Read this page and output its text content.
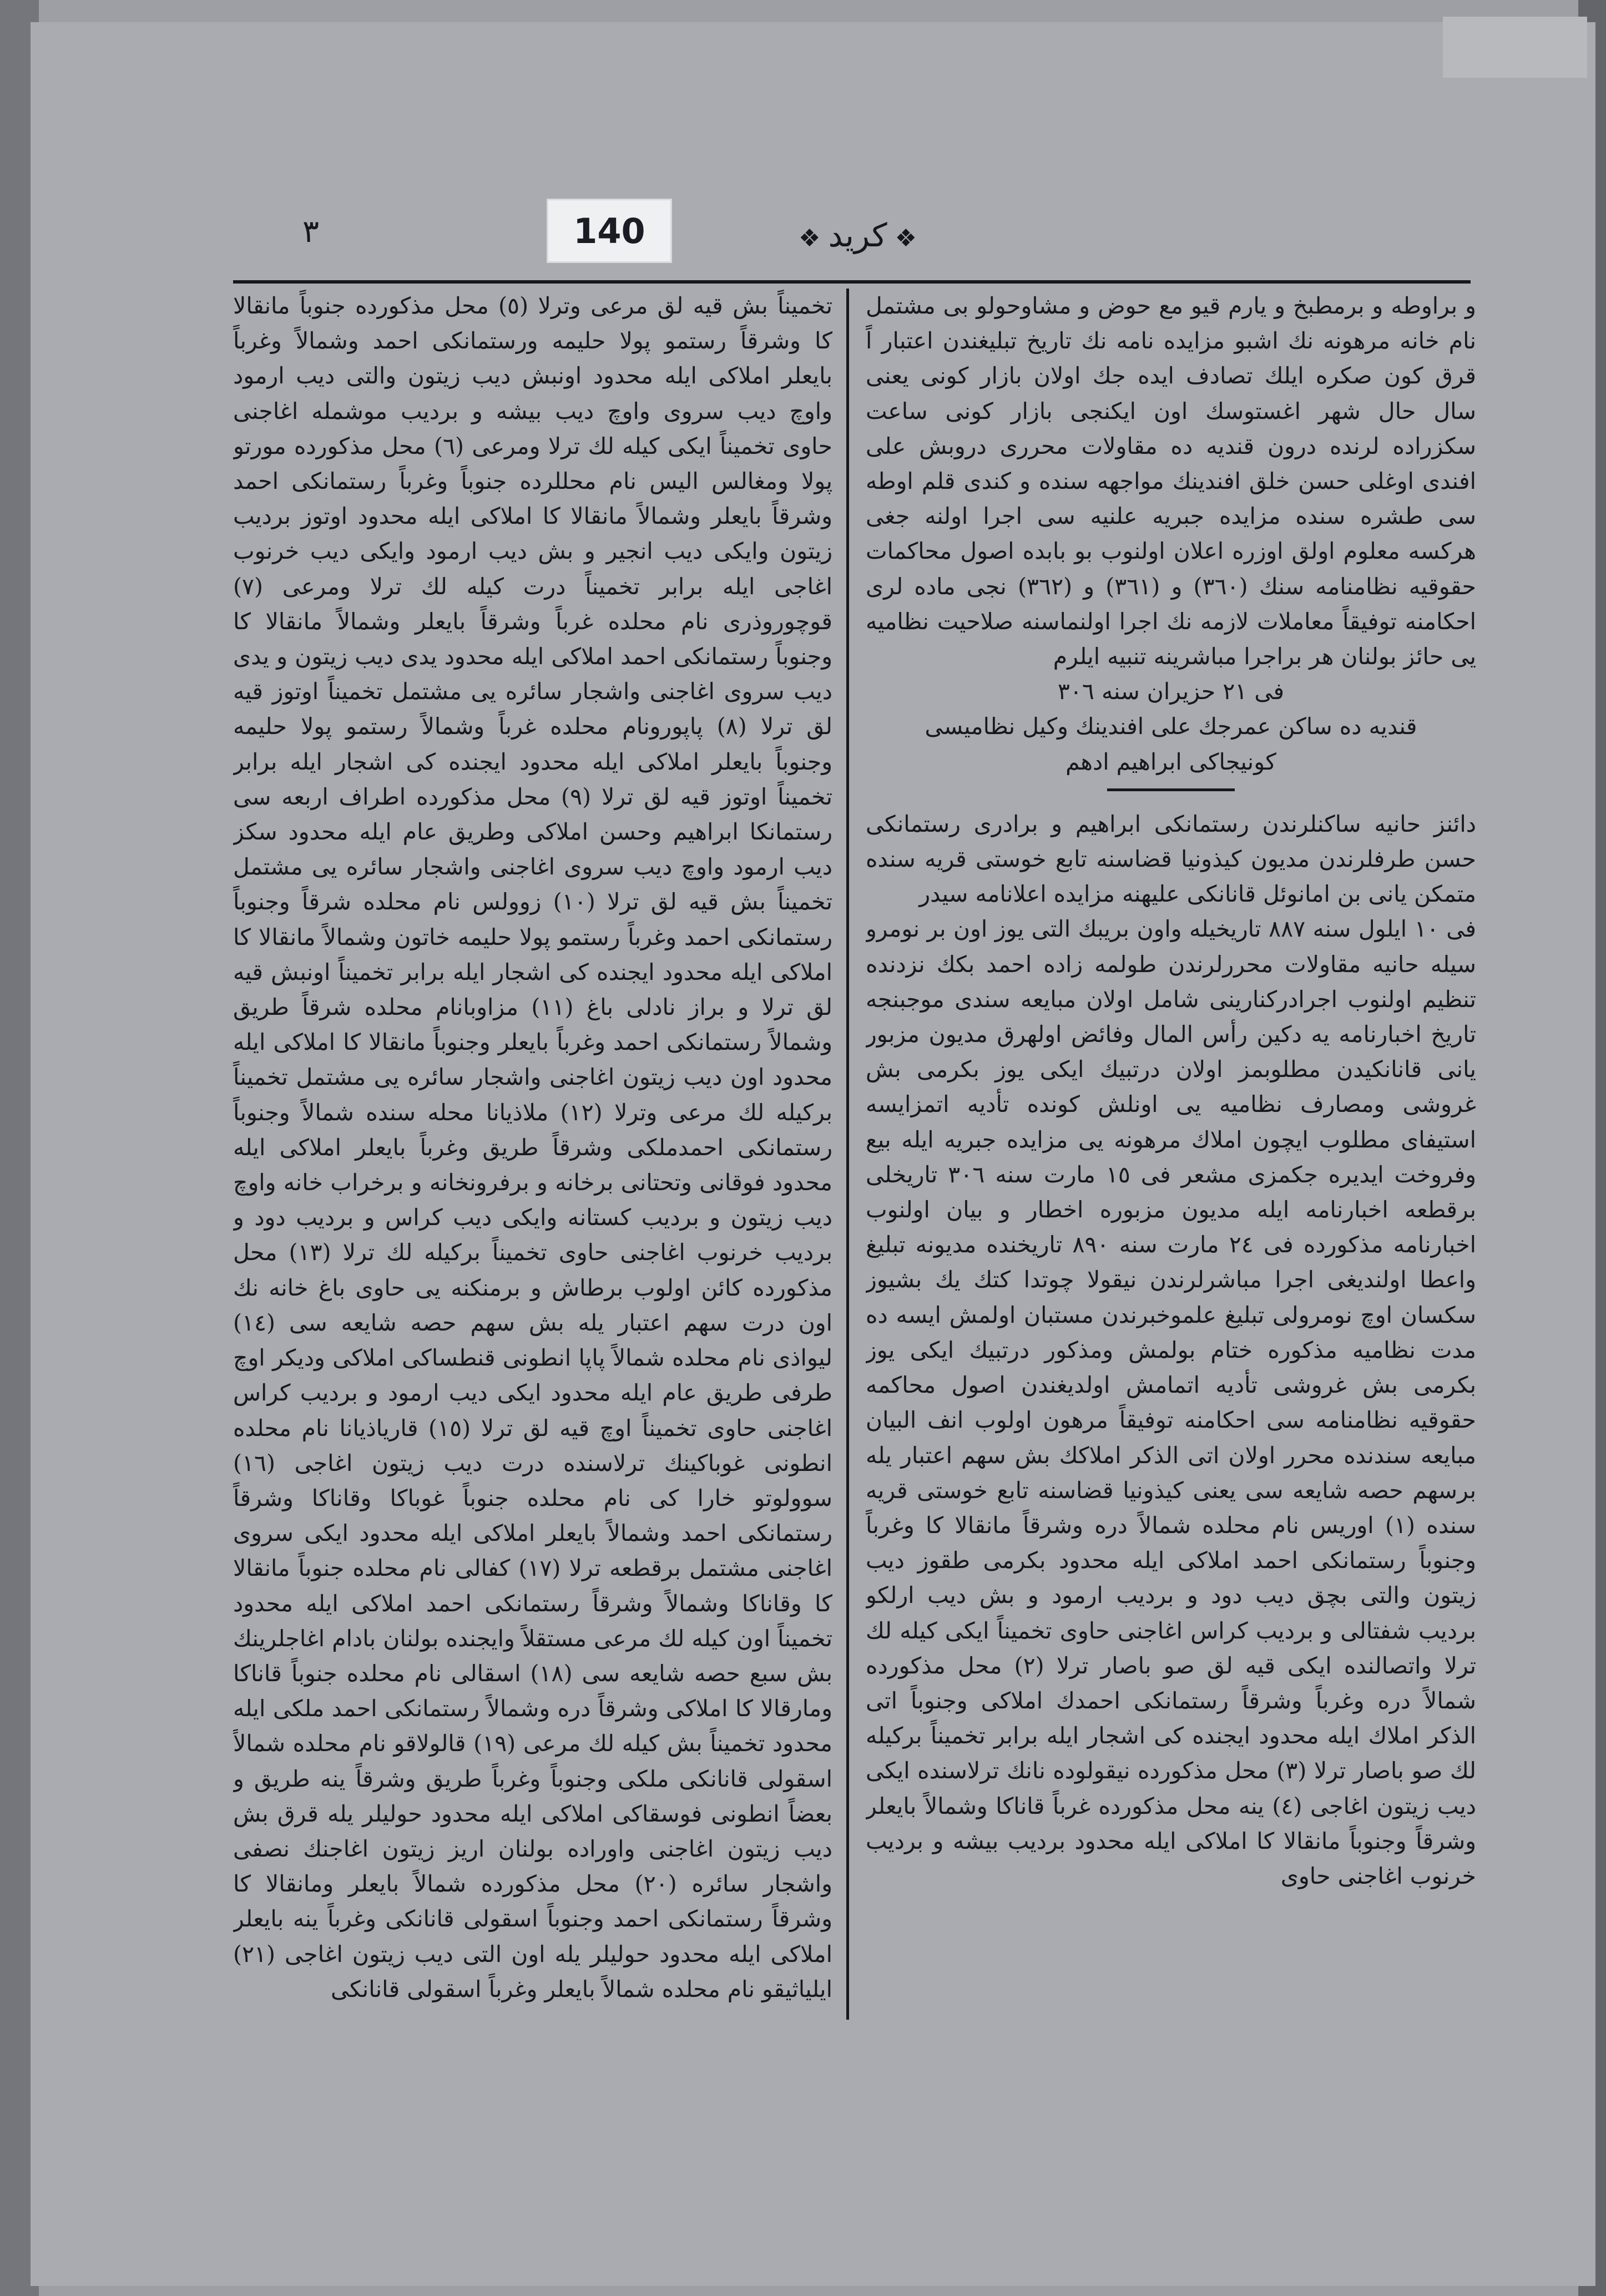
140
٣	❖كريد❖

و براوطه و برمطبخ و یارم قیو مع حوض و مشاوحولو بی مشتمل نام خانه مرهونه نك اشبو مزایده نامه نك تاریخ تبلیغندن اعتبار اً قرق كون صكره ایلك تصادف ایده جك اولان بازار كونی یعنی سال حال شهر اغستوسك اون ایكنجی بازار كونی ساعت سكزراده لرنده درون قندیه ده مقاولات محرری دروبش علی افندی اوغلی حسن خلق افندینك مواجهه سنده و كندی قلم اوطه سی طشره سنده مزایده جبریه علنیه سی اجرا اولنه جغی هركسه معلوم اولق اوزره اعلان اولنوب بو بابده اصول محاكمات حقوقیه نظامنامه سنك (٣٦٠) و (٣٦١) و (٣٦٢) نجی ماده لری احكامنه توفیقاً معاملات لازمه نك اجرا اولنماسنه صلاحیت نظامیه یی حائز بولنان هر براجرا مباشرینه تنبیه ایلرم

فی ٢١ حزیران سنه ٣٠٦

قندیه ده ساكن عمرجك علی افندینك وكیل نظامیسی

كونیجاكی ابراهیم ادهم

دائنز حانیه ساكنلرندن رستمانكی ابراهیم و برادری رستمانكی حسن طرفلرندن مدیون كیذونیا قضاسنه تابع خوستی قریه سنده متمكن یانی بن امانوئل قانانكی علیهنه مزایده اعلانامه سیدر

فی ١٠ ایلول سنه ٨٨٧ تاریخیله واون بریبك التی یوز اون بر نومرو سیله حانیه مقاولات محررلرندن طولمه زاده احمد بكك نزدنده تنظیم اولنوب اجرادركنارینی شامل اولان مبایعه سندی موجبنجه تاریخ اخبارنامه یه دكین رأس المال وفائض اولهرق مدیون مزبور یانی قانانكیدن مطلوبمز اولان درتبیك ایكی یوز بكرمی بش غروشی ومصارف نظامیه یی اونلش كونده تأدیه اتمزایسه استیفای مطلوب ایچون املاك مرهونه یی مزایده جبریه ایله بیع وفروخت ایدیره جكمزی مشعر فی ١٥ مارت سنه ٣٠٦ تاریخلی برقطعه اخبارنامه ایله مدیون مزبوره اخطار و بیان اولنوب اخبارنامه مذكورده فی ٢٤ مارت سنه ٨٩٠ تاریخنده مدیونه تبلیغ واعطا اولندیغی اجرا مباشرلرندن نیقولا چوتدا كتك یك بشیوز سكسان اوچ نومرولی تبلیغ علموخبرندن مستبان اولمش ایسه ده مدت نظامیه مذكوره ختام بولمش ومذكور درتبیك ایكی یوز بكرمی بش غروشی تأدیه اتمامش اولدیغندن اصول محاكمه حقوقیه نظامنامه سی احكامنه توفیقاً مرهون اولوب انف البیان مبایعه سندنده محرر اولان اتی الذكر املاكك بش سهم اعتبار یله برسهم حصه شایعه سی یعنی كیذونیا قضاسنه تابع خوستی قریه سنده (١) اوریس نام محلده شمالاً دره وشرقاً مانقالا كا وغرباً وجنوباً رستمانكی احمد املاكی ایله محدود بكرمی طقوز دیب زیتون والتی بچق دیب دود و بردیب ارمود و بش دیب ارلكو بردیب شفتالی و بردیب كراس اغاجنی حاوی تخمیناً ایكی كیله لك ترلا واتصالنده ایكی قیه لق صو باصار ترلا (٢) محل مذكورده شمالاً دره وغرباً وشرقاً رستمانكی احمدك املاكی وجنوباً اتی الذكر املاك ایله محدود ایجنده كی اشجار ایله برابر تخمیناً بركیله لك صو باصار ترلا (٣) محل مذكورده نیقولوده نانك ترلاسنده ایكی دیب زیتون اغاجی (٤) ینه محل مذكورده غرباً قاناكا وشمالاً بایعلر وشرقاً وجنوباً مانقالا كا املاكی ایله محدود بردیب بیشه و بردیب خرنوب اغاجنی حاوی

تخمیناً بش قیه لق مرعی وترلا (٥) محل مذكورده جنوباً مانقالا كا وشرقاً رستمو پولا حلیمه ورستمانكی احمد وشمالاً وغرباً بایعلر املاكی ایله محدود اونبش دیب زیتون والتی دیب ارمود واوچ دیب سروی واوچ دیب بیشه و بردیب موشمله اغاجنی حاوی تخمیناً ایكی كیله لك ترلا ومرعی (٦) محل مذكورده مورتو پولا ومغالس الیس نام محللرده جنوباً وغرباً رستمانكی احمد وشرقاً بایعلر وشمالاً مانقالا كا املاكی ایله محدود اوتوز بردیب زیتون وایكی دیب انجیر و بش دیب ارمود وایكی دیب خرنوب اغاجی ایله برابر تخمیناً درت كیله لك ترلا ومرعی (٧) قوچوروذری نام محلده غرباً وشرقاً بایعلر وشمالاً مانقالا كا وجنوباً رستمانكی احمد املاكی ایله محدود یدی دیب زیتون و یدی دیب سروی اغاجنی واشجار سائره یی مشتمل تخمیناً اوتوز قیه لق ترلا (٨) پاپورونام محلده غرباً وشمالاً رستمو پولا حلیمه وجنوباً بایعلر املاكی ایله محدود ایجنده كی اشجار ایله برابر تخمیناً اوتوز قیه لق ترلا (٩) محل مذكورده اطراف اربعه سی رستمانكا ابراهیم وحسن املاكی وطریق عام ایله محدود سكز دیب ارمود واوچ دیب سروی اغاجنی واشجار سائره یی مشتمل تخمیناً بش قیه لق ترلا (١٠) زوولس نام محلده شرقاً وجنوباً رستمانكی احمد وغرباً رستمو پولا حلیمه خاتون وشمالاً مانقالا كا املاكی ایله محدود ایجنده كی اشجار ایله برابر تخمیناً اونبش قیه لق ترلا و براز نادلی باغ (١١) مزاوبانام محلده شرقاً طریق وشمالاً رستمانكی احمد وغرباً بایعلر وجنوباً مانقالا كا املاكی ایله محدود اون دیب زیتون اغاجنی واشجار سائره یی مشتمل تخمیناً بركیله لك مرعی وترلا (١٢) ملاذیانا محله سنده شمالاً وجنوباً رستمانكی احمدملكی وشرقاً طریق وغرباً بایعلر املاكی ایله محدود فوقانی وتحتانی برخانه و برفرونخانه و برخراب خانه واوچ دیب زیتون و بردیب كستانه وایكی دیب كراس و بردیب دود و بردیب خرنوب اغاجنی حاوی تخمیناً بركیله لك ترلا (١٣) محل مذكورده كائن اولوب برطاش و برمنكنه یی حاوی باغ خانه نك اون درت سهم اعتبار یله بش سهم حصه شایعه سی (١٤) لیواذی نام محلده شمالاً پاپا انطونی قنطساكی املاكی ودیكر اوچ طرفی طریق عام ایله محدود ایكی دیب ارمود و بردیب كراس اغاجنی حاوی تخمیناً اوچ قیه لق ترلا (١٥) قاریاذیانا نام محلده انطونی غوباكینك ترلاسنده درت دیب زیتون اغاجی (١٦) سوولوتو خارا كی نام محلده جنوباً غوباكا وقاناكا وشرقاً رستمانكی احمد وشمالاً بایعلر املاكی ایله محدود ایكی سروی اغاجنی مشتمل برقطعه ترلا (١٧) كفالی نام محلده جنوباً مانقالا كا وقاناكا وشمالاً وشرقاً رستمانكی احمد املاكی ایله محدود تخمیناً اون كیله لك مرعی مستقلاً وایجنده بولنان بادام اغاجلرینك بش سبع حصه شایعه سی (١٨) اسقالی نام محلده جنوباً قاناكا ومارقالا كا املاكی وشرقاً دره وشمالاً رستمانكی احمد ملكی ایله محدود تخمیناً بش كیله لك مرعی (١٩) قالولاقو نام محلده شمالاً اسقولی قانانكی ملكی وجنوباً وغرباً طریق وشرقاً ینه طریق و بعضاً انطونی فوسقاكی املاكی ایله محدود حولیلر یله قرق بش دیب زیتون اغاجنی واوراده بولنان اریز زیتون اغاجنك نصفی واشجار سائره (٢٠) محل مذكورده شمالاً بایعلر ومانقالا كا وشرقاً رستمانكی احمد وجنوباً اسقولی قانانكی وغرباً ینه بایعلر املاكی ایله محدود حولیلر یله اون التی دیب زیتون اغاجی (٢١) ایلیاثیقو نام محلده شمالاً بایعلر وغرباً اسقولی قانانكی
